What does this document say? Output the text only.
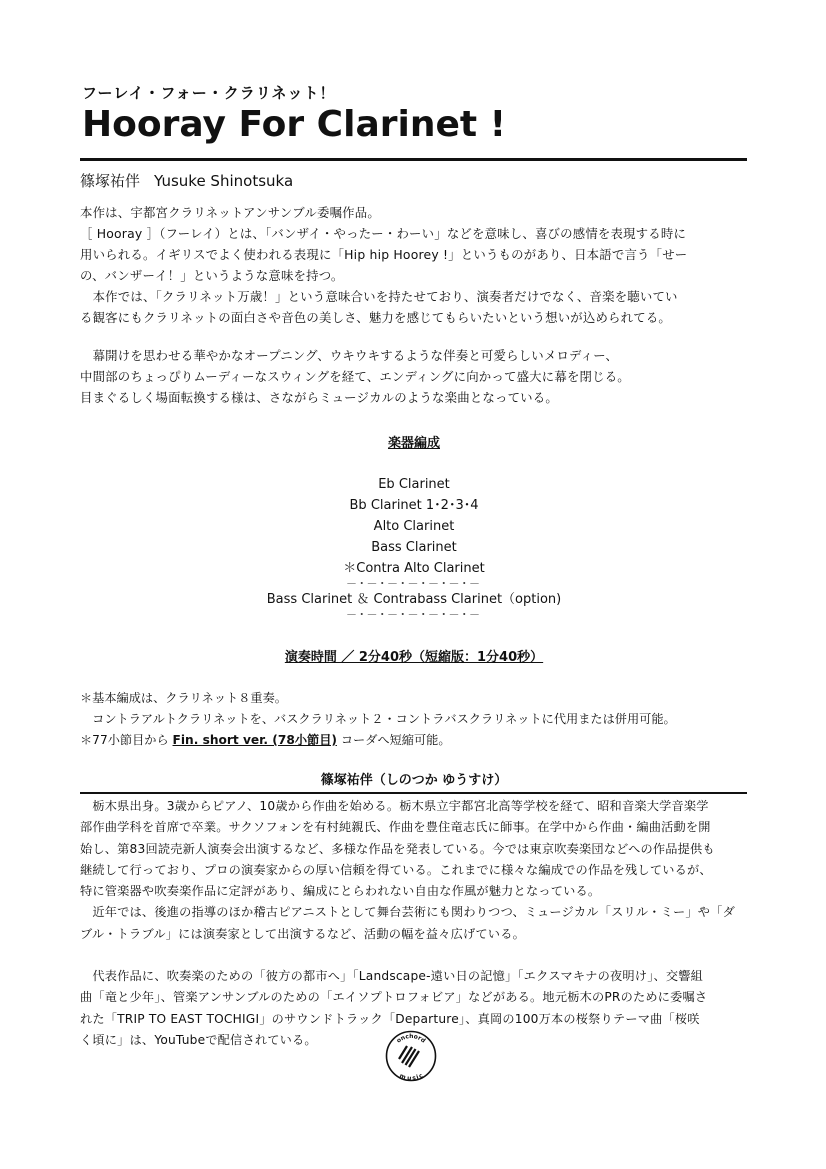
フーレイ・フォー・クラリネット！
Hooray For Clarinet !
篠塚祐伴 Yusuke Shinotsuka

本作は、宇都宮クラリネットアンサンブル委嘱作品。

［ Hooray ］（フーレイ）とは、「バンザイ・やったー・わーい」などを意味し、喜びの感情を表現する時に

用いられる。イギリスでよく使われる表現に「Hip hip Hoorey !」というものがあり、日本語で言う「せー

の、バンザーイ！」というような意味を持つ。

　本作では、「クラリネット万歳！」という意味合いを持たせており、演奏者だけでなく、音楽を聴いてい

る観客にもクラリネットの面白さや音色の美しさ、魅力を感じてもらいたいという想いが込められてる。

　幕開けを思わせる華やかなオープニング、ウキウキするような伴奏と可愛らしいメロディー、

中間部のちょっぴりムーディーなスウィングを経て、エンディングに向かって盛大に幕を閉じる。

目まぐるしく場面転換する様は、さながらミュージカルのような楽曲となっている。

楽器編成
Eb Clarinet
Bb Clarinet 1･2･3･4
Alto Clarinet
Bass Clarinet
＊Contra Alto Clarinet
－･－･－･－･－･－･－
Bass Clarinet ＆ Contrabass Clarinet（option)
－･－･－･－･－･－･－
演奏時間 ／ 2分40秒（短縮版：1分40秒）
＊基本編成は、クラリネット８重奏。
　コントラアルトクラリネットを、バスクラリネット２・コントラバスクラリネットに代用または併用可能。
＊77小節目から Fin. short ver. (78小節目) コーダへ短縮可能。
篠塚祐伴（しのつか ゆうすけ）

　栃木県出身。3歳からピアノ、10歳から作曲を始める。栃木県立宇都宮北高等学校を経て、昭和音楽大学音楽学

部作曲学科を首席で卒業。サクソフォンを有村純親氏、作曲を豊住竜志氏に師事。在学中から作曲・編曲活動を開

始し、第83回読売新人演奏会出演するなど、多様な作品を発表している。今では東京吹奏楽団などへの作品提供も

継続して行っており、プロの演奏家からの厚い信頼を得ている。これまでに様々な編成での作品を残しているが、

特に管楽器や吹奏楽作品に定評があり、編成にとらわれない自由な作風が魅力となっている。

　近年では、後進の指導のほか稽古ピアニストとして舞台芸術にも関わりつつ、ミュージカル「スリル・ミー」や「ダ

ブル・トラブル」には演奏家として出演するなど、活動の幅を益々広げている。

　代表作品に、吹奏楽のための「彼方の都市へ」「Landscape-遠い日の記憶」「エクスマキナの夜明け」、交響組

曲「竜と少年」、管楽アンサンブルのための「エイソプトロフォビア」などがある。地元栃木のPRのために委嘱さ

れた「TRIP TO EAST TOCHIGI」のサウンドトラック「Departure」、真岡の100万本の桜祭りテーマ曲「桜咲

く頃に」は、YouTubeで配信されている。	onchord
music
